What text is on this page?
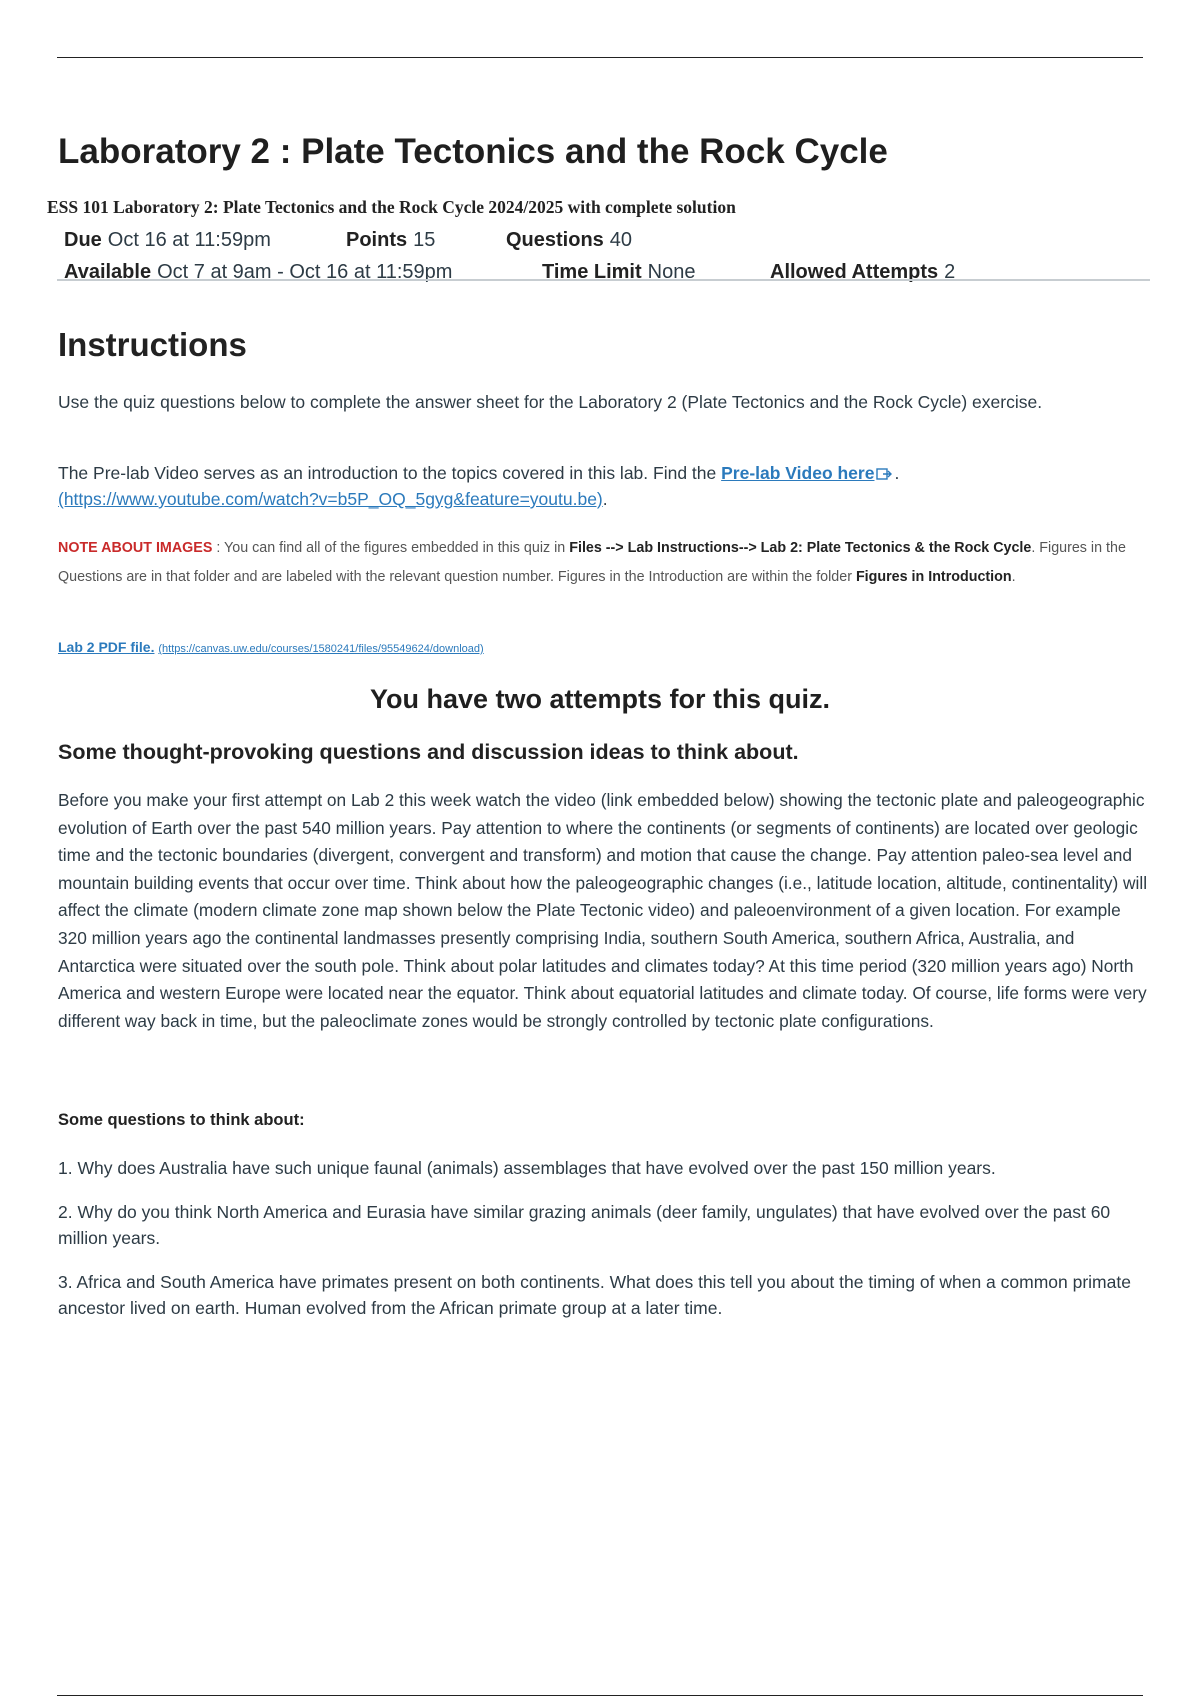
Laboratory 2 : Plate Tectonics and the Rock Cycle
ESS 101 Laboratory 2: Plate Tectonics and the Rock Cycle 2024/2025 with complete solution
Due Oct 16 at 11:59pm	Points 15	Questions 40
Available Oct 7 at 9am - Oct 16 at 11:59pm	Time Limit None	Allowed Attempts 2
Instructions

Use the quiz questions below to complete the answer sheet for the Laboratory 2 (Plate Tectonics and the Rock Cycle) exercise.

The Pre-lab Video serves as an introduction to the topics covered in this lab. Find the Pre-lab Video here .
(https://www.youtube.com/watch?v=b5P_OQ_5gyg&feature=youtu.be).

NOTE ABOUT IMAGES : You can find all of the figures embedded in this quiz in Files --> Lab Instructions--> Lab 2: Plate Tectonics & the Rock Cycle. Figures in the Questions are in that folder and are labeled with the relevant question number. Figures in the Introduction are within the folder Figures in Introduction.

Lab 2 PDF file. (https://canvas.uw.edu/courses/1580241/files/95549624/download)
You have two attempts for this quiz.
Some thought-provoking questions and discussion ideas to think about.

Before you make your first attempt on Lab 2 this week watch the video (link embedded below) showing the tectonic plate and paleogeographic evolution of Earth over the past 540 million years. Pay attention to where the continents (or segments of continents) are located over geologic time and the tectonic boundaries (divergent, convergent and transform) and motion that cause the change. Pay attention paleo-sea level and mountain building events that occur over time. Think about how the paleogeographic changes (i.e., latitude location, altitude, continentality) will affect the climate (modern climate zone map shown below the Plate Tectonic video) and paleoenvironment of a given location. For example 320 million years ago the continental landmasses presently comprising India, southern South America, southern Africa, Australia, and Antarctica were situated over the south pole. Think about polar latitudes and climates today? At this time period (320 million years ago) North America and western Europe were located near the equator. Think about equatorial latitudes and climate today. Of course, life forms were very different way back in time, but the paleoclimate zones would be strongly controlled by tectonic plate configurations.

Some questions to think about:

1. Why does Australia have such unique faunal (animals) assemblages that have evolved over the past 150 million years.

2. Why do you think North America and Eurasia have similar grazing animals (deer family, ungulates) that have evolved over the past 60 million years.

3. Africa and South America have primates present on both continents. What does this tell you about the timing of when a common primate ancestor lived on earth. Human evolved from the African primate group at a later time.
